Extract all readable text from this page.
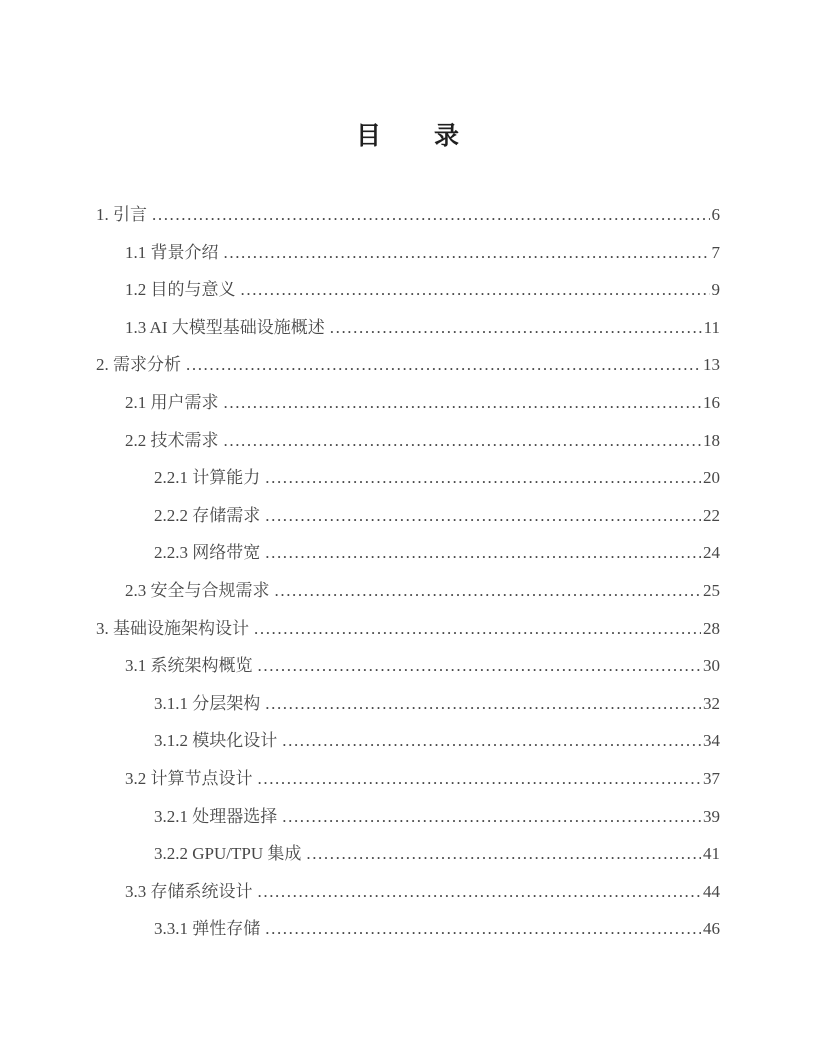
目　　录
1. 引言 .....	6
1.1 背景介绍 .....	7
1.2 目的与意义 .....	9
1.3 AI 大模型基础设施概述 .....	11
2. 需求分析 .....	13
2.1 用户需求 .....	16
2.2 技术需求 .....	18
2.2.1 计算能力 .....	20
2.2.2 存储需求 .....	22
2.2.3 网络带宽 .....	24
2.3 安全与合规需求 .....	25
3. 基础设施架构设计 .....	28
3.1 系统架构概览 .....	30
3.1.1 分层架构 .....	32
3.1.2 模块化设计 .....	34
3.2 计算节点设计 .....	37
3.2.1 处理器选择 .....	39
3.2.2 GPU/TPU 集成 .....	41
3.3 存储系统设计 .....	44
3.3.1 弹性存储 .....	46
